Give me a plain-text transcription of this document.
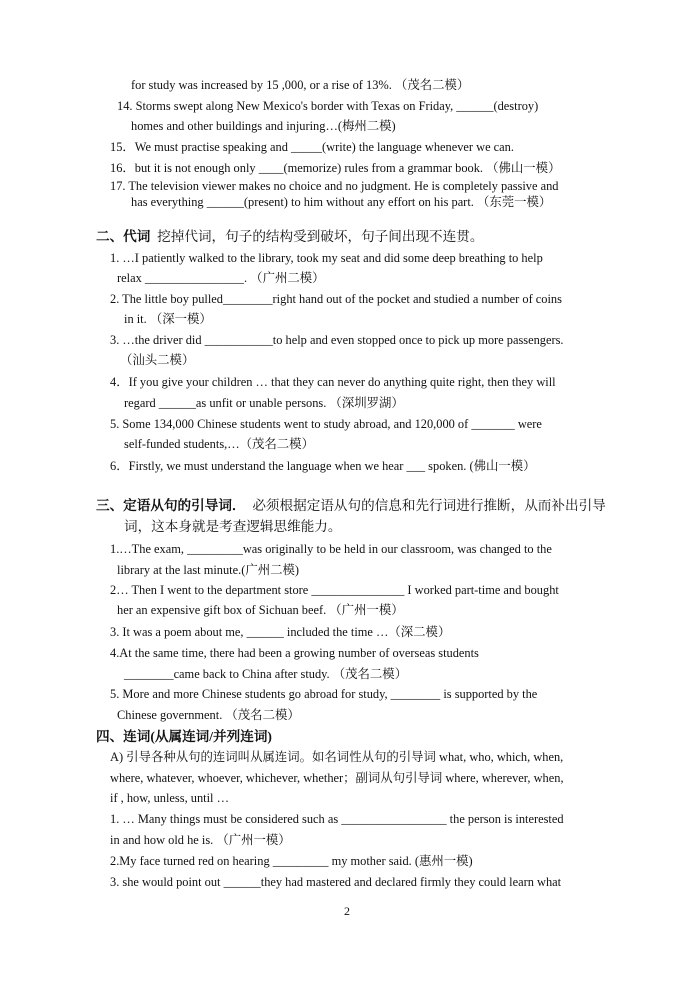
for study was increased by 15 ,000, or a rise of 13%. （茂名二模）
14. Storms swept along New Mexico's border with Texas on Friday, ______(destroy)
homes and other buildings and injuring…(梅州二模)
15．We must practise speaking and _____(write) the language whenever we can.
16．but it is not enough only ____(memorize) rules from a grammar book. （佛山一模）
17. The television viewer makes no choice and no judgment. He is completely passive and
has everything ______(present) to him without any effort on his part. （东莞一模）
二、代词 挖掉代词，句子的结构受到破坏，句子间出现不连贯。
1. …I patiently walked to the library, took my seat and did some deep breathing to help
relax ________________. （广州二模）
2. The little boy pulled________right hand out of the pocket and studied a number of coins
in it. （深一模）
3. …the driver did ___________to help and even stopped once to pick up more passengers.
（汕头二模）
4．If you give your children … that they can never do anything quite right, then they will
regard ______as unfit or unable persons. （深圳罗湖）
5. Some 134,000 Chinese students went to study abroad, and 120,000 of _______ were
self-funded students,…（茂名二模）
6．Firstly, we must understand the language when we hear ___ spoken. (佛山一模）
三、定语从句的引导词． 必须根据定语从句的信息和先行词进行推断，从而补出引导
词，这本身就是考查逻辑思维能力。
1.…The exam, _________was originally to be held in our classroom, was changed to the
library at the last minute.(广州二模)
2… Then I went to the department store _______________ I worked part-time and bought
her an expensive gift box of Sichuan beef. （广州一模）
3. It was a poem about me, ______ included the time …（深二模）
4.At the same time, there had been a growing number of overseas students
________came back to China after study. （茂名二模）
5. More and more Chinese students go abroad for study, ________ is supported by the
Chinese government. （茂名二模）
四、连词(从属连词/并列连词)
A) 引导各种从句的连词叫从属连词。如名词性从句的引导词 what, who, which, when,
where, whatever, whoever, whichever, whether；副词从句引导词 where, wherever, when,
if , how, unless, until …
1. … Many things must be considered such as _________________ the person is interested
in and how old he is. （广州一模）
2.My face turned red on hearing _________ my mother said. (惠州一模)
3. she would point out ______they had mastered and declared firmly they could learn what
2
